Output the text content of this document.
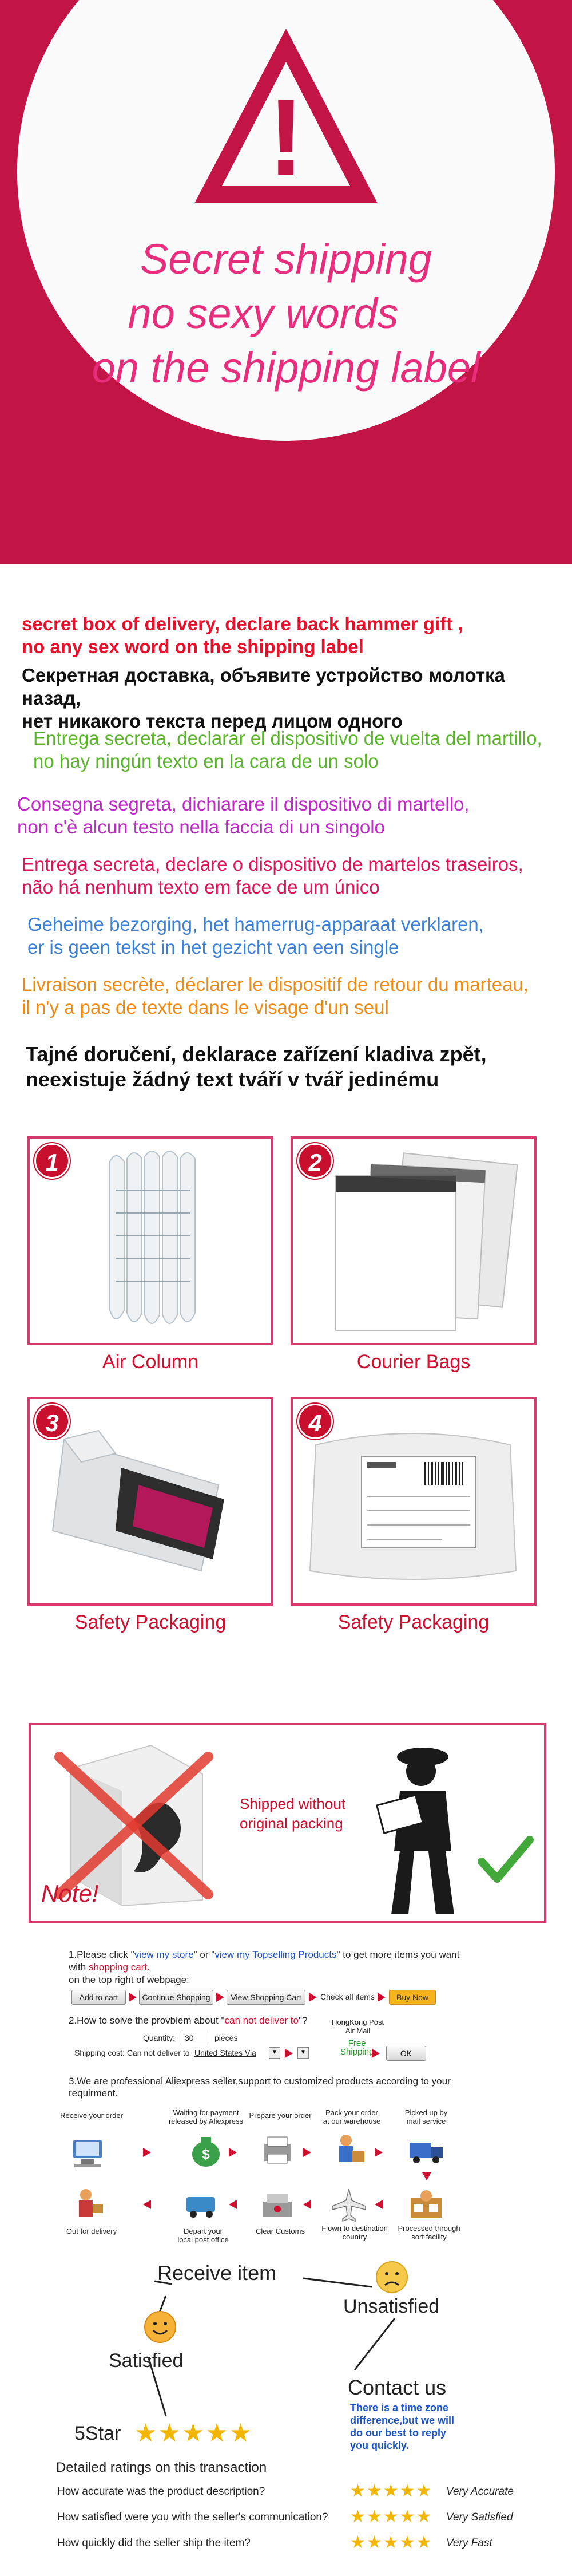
!
Secret shipping
no sexy words
on the shipping label
secret box of delivery, declare back hammer gift ,
no any sex word on the shipping label
Секретная доставка, объявите устройство молотка назад,
нет никакого текста перед лицом одного
Entrega secreta, declarar el dispositivo de vuelta del martillo,
no hay ningún texto en la cara de un solo
Consegna segreta, dichiarare il dispositivo di martello,
non c'è alcun testo nella faccia di un singolo
Entrega secreta, declare o dispositivo de martelos traseiros,
não há nenhum texto em face de um único
Geheime bezorging, het hamerrug-apparaat verklaren,
er is geen tekst in het gezicht van een single
Livraison secrète, déclarer le dispositif de retour du marteau,
il n'y a pas de texte dans le visage d'un seul
Tajné doručení, deklarace zařízení kladiva zpět,
neexistuje žádný text tváří v tvář jedinému
1
Air Column
2
Courier Bags
3
Safety Packaging
4
Safety Packaging
Note!
Shipped without
original packing
1.Please click "view my store" or "view my Topselling Products" to get more items you want
with shopping cart.
on the top right of webpage:
Add to cart	Continue Shopping	View Shopping Cart	Check all items	Buy Now
2.How to solve the provblem about "can not deliver to"?
Quantity:	30	pieces
Shipping cost: Can not deliver to United States Via	▼	▼
HongKong Post
Air Mail
Free
Shipping	OK
3.We are professional Aliexpress seller,support to customized products according to your
requirment.
Receive your order	Waiting for payment
released by Aliexpress
Prepare your order	Pack your order
at our warehouse
Picked up by
mail service
$
Out for delivery	Depart your
local post office
Clear Customs	Flown to destination
country
Processed through
sort facility
Receive item
Unsatisfied
Satisfied
Contact us
There is a time zone
difference,but we will
do our best to reply
you quickly.
5Star ★★★★★
Detailed ratings on this transaction
How accurate was the product description?	★★★★★ Very Accurate
How satisfied were you with the seller's communication? ★★★★★ Very Satisfied
How quickly did the seller ship the item?	★★★★★ Very Fast
